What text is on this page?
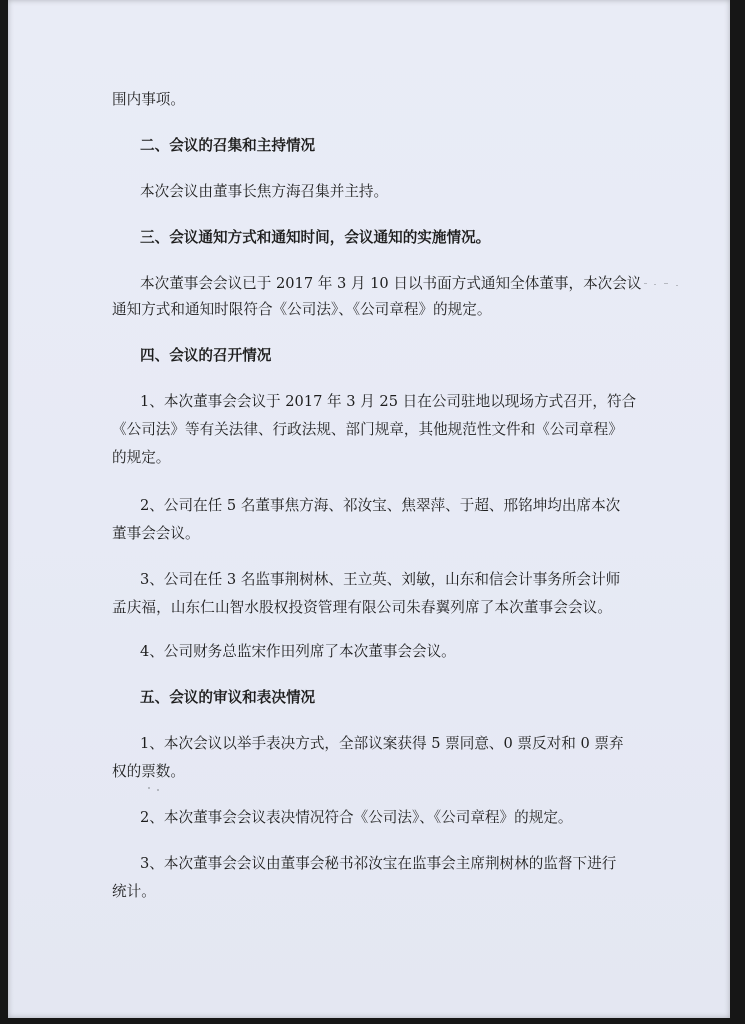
围内事项。
二、会议的召集和主持情况
本次会议由董事长焦方海召集并主持。
三、会议通知方式和通知时间，会议通知的实施情况。
本次董事会会议已于 2017 年 3 月 10 日以书面方式通知全体董事，本次会议
通知方式和通知时限符合《公司法》、《公司章程》的规定。
四、会议的召开情况
1、本次董事会会议于 2017 年 3 月 25 日在公司驻地以现场方式召开，符合
《公司法》等有关法律、行政法规、部门规章，其他规范性文件和《公司章程》
的规定。
2、公司在任 5 名董事焦方海、祁汝宝、焦翠萍、于超、邢铭坤均出席本次
董事会会议。
3、公司在任 3 名监事荆树林、王立英、刘敏，山东和信会计事务所会计师
孟庆福，山东仁山智水股权投资管理有限公司朱春翼列席了本次董事会会议。
4、公司财务总监宋作田列席了本次董事会会议。
五、会议的审议和表决情况
1、本次会议以举手表决方式，全部议案获得 5 票同意、0 票反对和 0 票弃
权的票数。
2、本次董事会会议表决情况符合《公司法》、《公司章程》的规定。
3、本次董事会会议由董事会秘书祁汝宝在监事会主席荆树林的监督下进行
统计。
